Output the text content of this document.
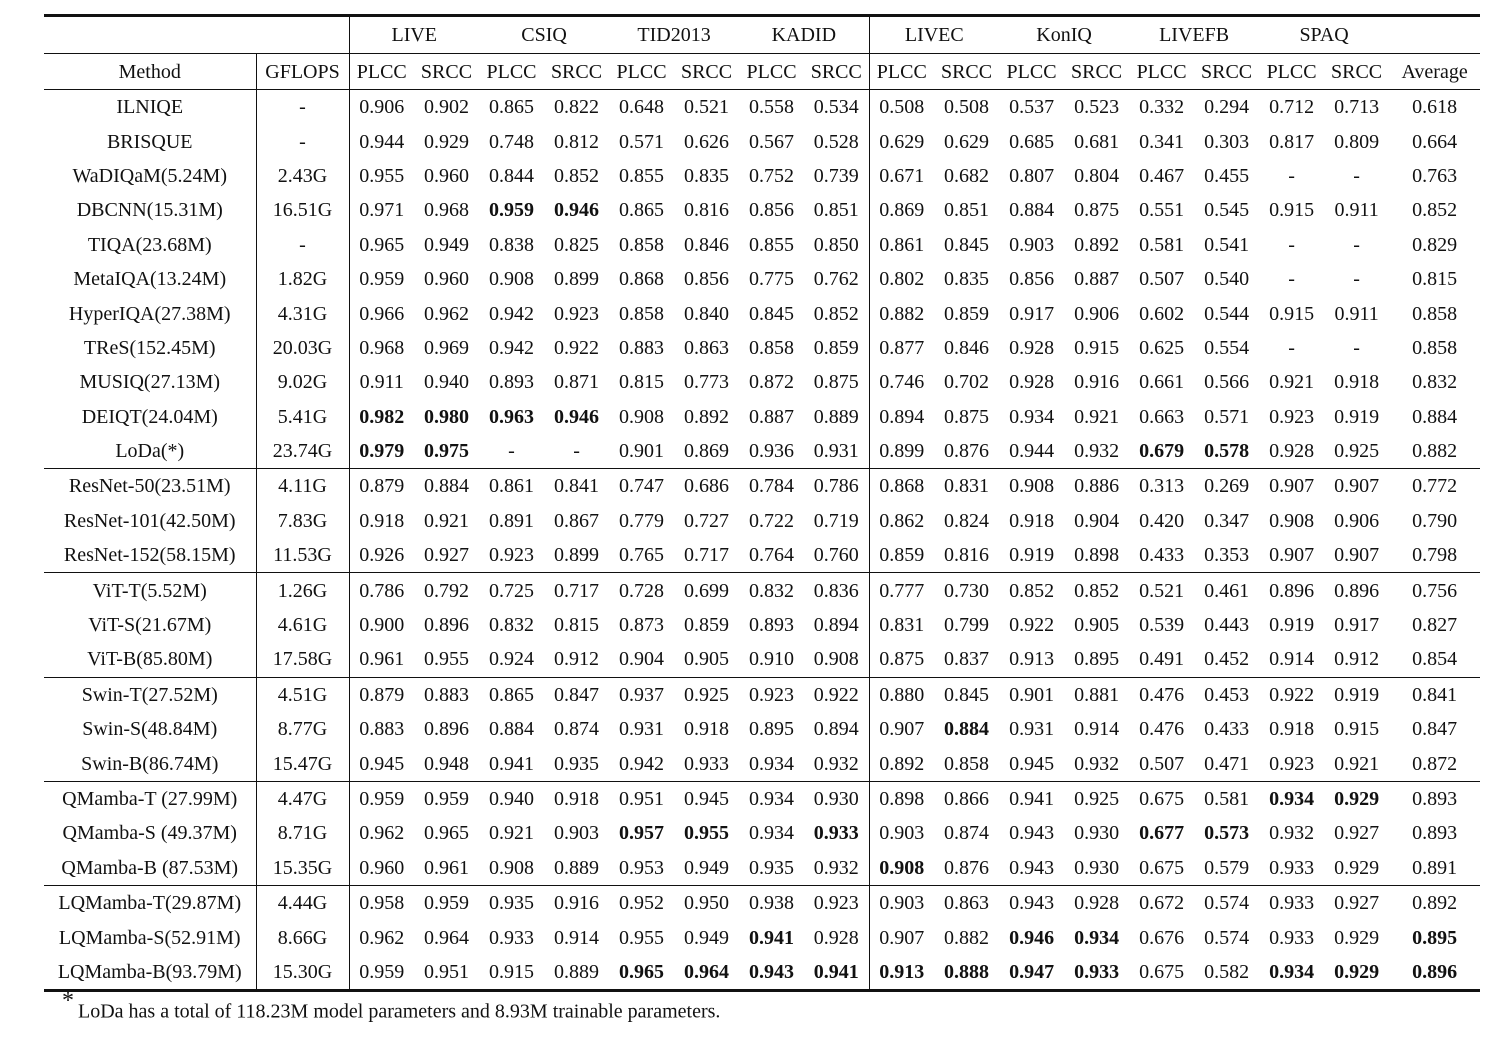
		LIVE		CSIQ		TID2013		KADID		LIVEC		KonIQ		LIVEFB		SPAQ		
Method	GFLOPS	PLCC	SRCC	PLCC	SRCC	PLCC	SRCC	PLCC	SRCC	PLCC	SRCC	PLCC	SRCC	PLCC	SRCC	PLCC	SRCC	Average
ILNIQE	-	0.906	0.902	0.865	0.822	0.648	0.521	0.558	0.534	0.508	0.508	0.537	0.523	0.332	0.294	0.712	0.713	0.618
BRISQUE	-	0.944	0.929	0.748	0.812	0.571	0.626	0.567	0.528	0.629	0.629	0.685	0.681	0.341	0.303	0.817	0.809	0.664
WaDIQaM(5.24M)	2.43G	0.955	0.960	0.844	0.852	0.855	0.835	0.752	0.739	0.671	0.682	0.807	0.804	0.467	0.455	-	-	0.763
DBCNN(15.31M)	16.51G	0.971	0.968	0.959	0.946	0.865	0.816	0.856	0.851	0.869	0.851	0.884	0.875	0.551	0.545	0.915	0.911	0.852
TIQA(23.68M)	-	0.965	0.949	0.838	0.825	0.858	0.846	0.855	0.850	0.861	0.845	0.903	0.892	0.581	0.541	-	-	0.829
MetaIQA(13.24M)	1.82G	0.959	0.960	0.908	0.899	0.868	0.856	0.775	0.762	0.802	0.835	0.856	0.887	0.507	0.540	-	-	0.815
HyperIQA(27.38M)	4.31G	0.966	0.962	0.942	0.923	0.858	0.840	0.845	0.852	0.882	0.859	0.917	0.906	0.602	0.544	0.915	0.911	0.858
TReS(152.45M)	20.03G	0.968	0.969	0.942	0.922	0.883	0.863	0.858	0.859	0.877	0.846	0.928	0.915	0.625	0.554	-	-	0.858
MUSIQ(27.13M)	9.02G	0.911	0.940	0.893	0.871	0.815	0.773	0.872	0.875	0.746	0.702	0.928	0.916	0.661	0.566	0.921	0.918	0.832
DEIQT(24.04M)	5.41G	0.982	0.980	0.963	0.946	0.908	0.892	0.887	0.889	0.894	0.875	0.934	0.921	0.663	0.571	0.923	0.919	0.884
LoDa(*)	23.74G	0.979	0.975	-	-	0.901	0.869	0.936	0.931	0.899	0.876	0.944	0.932	0.679	0.578	0.928	0.925	0.882
ResNet-50(23.51M)	4.11G	0.879	0.884	0.861	0.841	0.747	0.686	0.784	0.786	0.868	0.831	0.908	0.886	0.313	0.269	0.907	0.907	0.772
ResNet-101(42.50M)	7.83G	0.918	0.921	0.891	0.867	0.779	0.727	0.722	0.719	0.862	0.824	0.918	0.904	0.420	0.347	0.908	0.906	0.790
ResNet-152(58.15M)	11.53G	0.926	0.927	0.923	0.899	0.765	0.717	0.764	0.760	0.859	0.816	0.919	0.898	0.433	0.353	0.907	0.907	0.798
ViT-T(5.52M)	1.26G	0.786	0.792	0.725	0.717	0.728	0.699	0.832	0.836	0.777	0.730	0.852	0.852	0.521	0.461	0.896	0.896	0.756
ViT-S(21.67M)	4.61G	0.900	0.896	0.832	0.815	0.873	0.859	0.893	0.894	0.831	0.799	0.922	0.905	0.539	0.443	0.919	0.917	0.827
ViT-B(85.80M)	17.58G	0.961	0.955	0.924	0.912	0.904	0.905	0.910	0.908	0.875	0.837	0.913	0.895	0.491	0.452	0.914	0.912	0.854
Swin-T(27.52M)	4.51G	0.879	0.883	0.865	0.847	0.937	0.925	0.923	0.922	0.880	0.845	0.901	0.881	0.476	0.453	0.922	0.919	0.841
Swin-S(48.84M)	8.77G	0.883	0.896	0.884	0.874	0.931	0.918	0.895	0.894	0.907	0.884	0.931	0.914	0.476	0.433	0.918	0.915	0.847
Swin-B(86.74M)	15.47G	0.945	0.948	0.941	0.935	0.942	0.933	0.934	0.932	0.892	0.858	0.945	0.932	0.507	0.471	0.923	0.921	0.872
QMamba-T (27.99M)	4.47G	0.959	0.959	0.940	0.918	0.951	0.945	0.934	0.930	0.898	0.866	0.941	0.925	0.675	0.581	0.934	0.929	0.893
QMamba-S (49.37M)	8.71G	0.962	0.965	0.921	0.903	0.957	0.955	0.934	0.933	0.903	0.874	0.943	0.930	0.677	0.573	0.932	0.927	0.893
QMamba-B (87.53M)	15.35G	0.960	0.961	0.908	0.889	0.953	0.949	0.935	0.932	0.908	0.876	0.943	0.930	0.675	0.579	0.933	0.929	0.891
LQMamba-T(29.87M)	4.44G	0.958	0.959	0.935	0.916	0.952	0.950	0.938	0.923	0.903	0.863	0.943	0.928	0.672	0.574	0.933	0.927	0.892
LQMamba-S(52.91M)	8.66G	0.962	0.964	0.933	0.914	0.955	0.949	0.941	0.928	0.907	0.882	0.946	0.934	0.676	0.574	0.933	0.929	0.895
LQMamba-B(93.79M)	15.30G	0.959	0.951	0.915	0.889	0.965	0.964	0.943	0.941	0.913	0.888	0.947	0.933	0.675	0.582	0.934	0.929	0.896
* LoDa has a total of 118.23M model parameters and 8.93M trainable parameters.
